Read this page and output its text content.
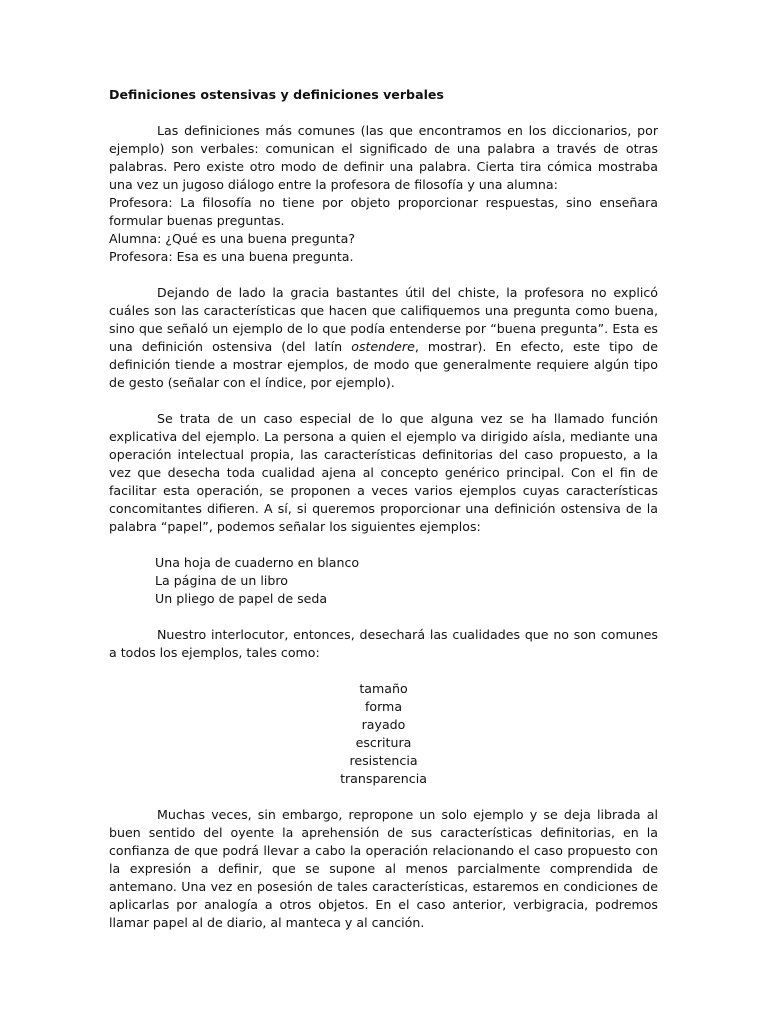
Definiciones ostensivas y definiciones verbales

Las definiciones más comunes (las que encontramos en los diccionarios, por ejemplo) son verbales: comunican el significado de una palabra a través de otras palabras. Pero existe otro modo de definir una palabra. Cierta tira cómica mostraba una vez un jugoso diálogo entre la profesora de filosofía y una alumna:

Profesora: La filosofía no tiene por objeto proporcionar respuestas, sino enseñara formular buenas preguntas.

Alumna: ¿Qué es una buena pregunta?

Profesora: Esa es una buena pregunta.

Dejando de lado la gracia bastantes útil del chiste, la profesora no explicó cuáles son las características que hacen que califiquemos una pregunta como buena, sino que señaló un ejemplo de lo que podía entenderse por “buena pregunta”. Esta es una definición ostensiva (del latín ostendere, mostrar). En efecto, este tipo de definición tiende a mostrar ejemplos, de modo que generalmente requiere algún tipo de gesto (señalar con el índice, por ejemplo).

Se trata de un caso especial de lo que alguna vez se ha llamado función explicativa del ejemplo. La persona a quien el ejemplo va dirigido aísla, mediante una operación intelectual propia, las características definitorias del caso propuesto, a la vez que desecha toda cualidad ajena al concepto genérico principal. Con el fin de facilitar esta operación, se proponen a veces varios ejemplos cuyas características concomitantes difieren. A sí, si queremos proporcionar una definición ostensiva de la palabra “papel”, podemos señalar los siguientes ejemplos:

Una hoja de cuaderno en blanco
La página de un libro
Un pliego de papel de seda

Nuestro interlocutor, entonces, desechará las cualidades que no son comunes a todos los ejemplos, tales como:

tamaño
forma
rayado
escritura
resistencia
transparencia

Muchas veces, sin embargo, repropone un solo ejemplo y se deja librada al buen sentido del oyente la aprehensión de sus características definitorias, en la confianza de que podrá llevar a cabo la operación relacionando el caso propuesto con la expresión a definir, que se supone al menos parcialmente comprendida de antemano. Una vez en posesión de tales características, estaremos en condiciones de aplicarlas por analogía a otros objetos. En el caso anterior, verbigracia, podremos llamar papel al de diario, al manteca y al canción.
